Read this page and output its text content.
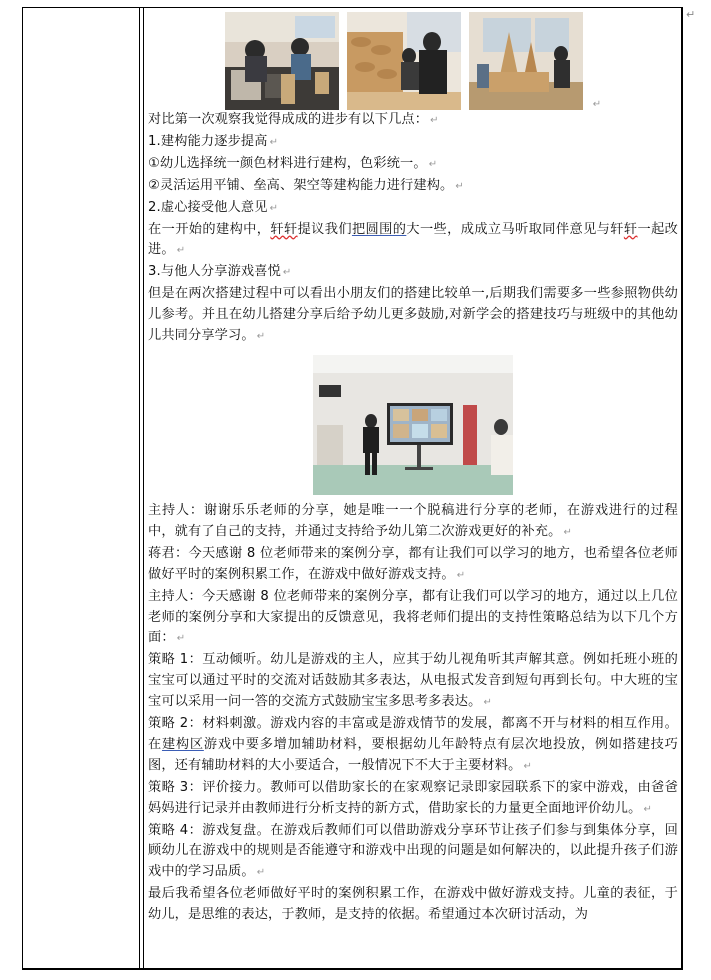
↵
↵

对比第一次观察我觉得成成的进步有以下几点： ↵

1.建构能力逐步提高 ↵

①幼儿选择统一颜色材料进行建构，色彩统一。 ↵

②灵活运用平铺、垒高、架空等建构能力进行建构。 ↵

2.虚心接受他人意见 ↵

在一开始的建构中，轩轩提议我们把圆围的大一些，成成立马听取同伴意见与轩轩一起改进。 ↵

3.与他人分享游戏喜悦 ↵

但是在两次搭建过程中可以看出小朋友们的搭建比较单一,后期我们需要多一些参照物供幼儿参考。并且在幼儿搭建分享后给予幼儿更多鼓励,对新学会的搭建技巧与班级中的其他幼儿共同分享学习。 ↵

主持人：谢谢乐乐老师的分享，她是唯一一个脱稿进行分享的老师，在游戏进行的过程中，就有了自己的支持，并通过支持给予幼儿第二次游戏更好的补充。 ↵

蒋君：今天感谢 8 位老师带来的案例分享，都有让我们可以学习的地方，也希望各位老师做好平时的案例积累工作，在游戏中做好游戏支持。 ↵

主持人：今天感谢 8 位老师带来的案例分享，都有让我们可以学习的地方，通过以上几位老师的案例分享和大家提出的反馈意见，我将老师们提出的支持性策略总结为以下几个方面： ↵

策略 1：互动倾听。幼儿是游戏的主人，应其于幼儿视角听其声解其意。例如托班小班的宝宝可以通过平时的交流对话鼓励其多表达，从电报式发音到短句再到长句。中大班的宝宝可以采用一问一答的交流方式鼓励宝宝多思考多表达。 ↵

策略 2：材料刺激。游戏内容的丰富或是游戏情节的发展，都离不开与材料的相互作用。在建构区游戏中要多增加辅助材料，要根据幼儿年龄特点有层次地投放，例如搭建技巧图，还有辅助材料的大小要适合，一般情况下不大于主要材料。 ↵

策略 3：评价接力。教师可以借助家长的在家观察记录即家园联系下的家中游戏，由爸爸妈妈进行记录并由教师进行分析支持的新方式，借助家长的力量更全面地评价幼儿。 ↵

策略 4：游戏复盘。在游戏后教师们可以借助游戏分享环节让孩子们参与到集体分享，回顾幼儿在游戏中的规则是否能遵守和游戏中出现的问题是如何解决的，以此提升孩子们游戏中的学习品质。 ↵

最后我希望各位老师做好平时的案例积累工作，在游戏中做好游戏支持。儿童的表征，于幼儿，是思维的表达，于教师，是支持的依据。希望通过本次研讨活动，为
